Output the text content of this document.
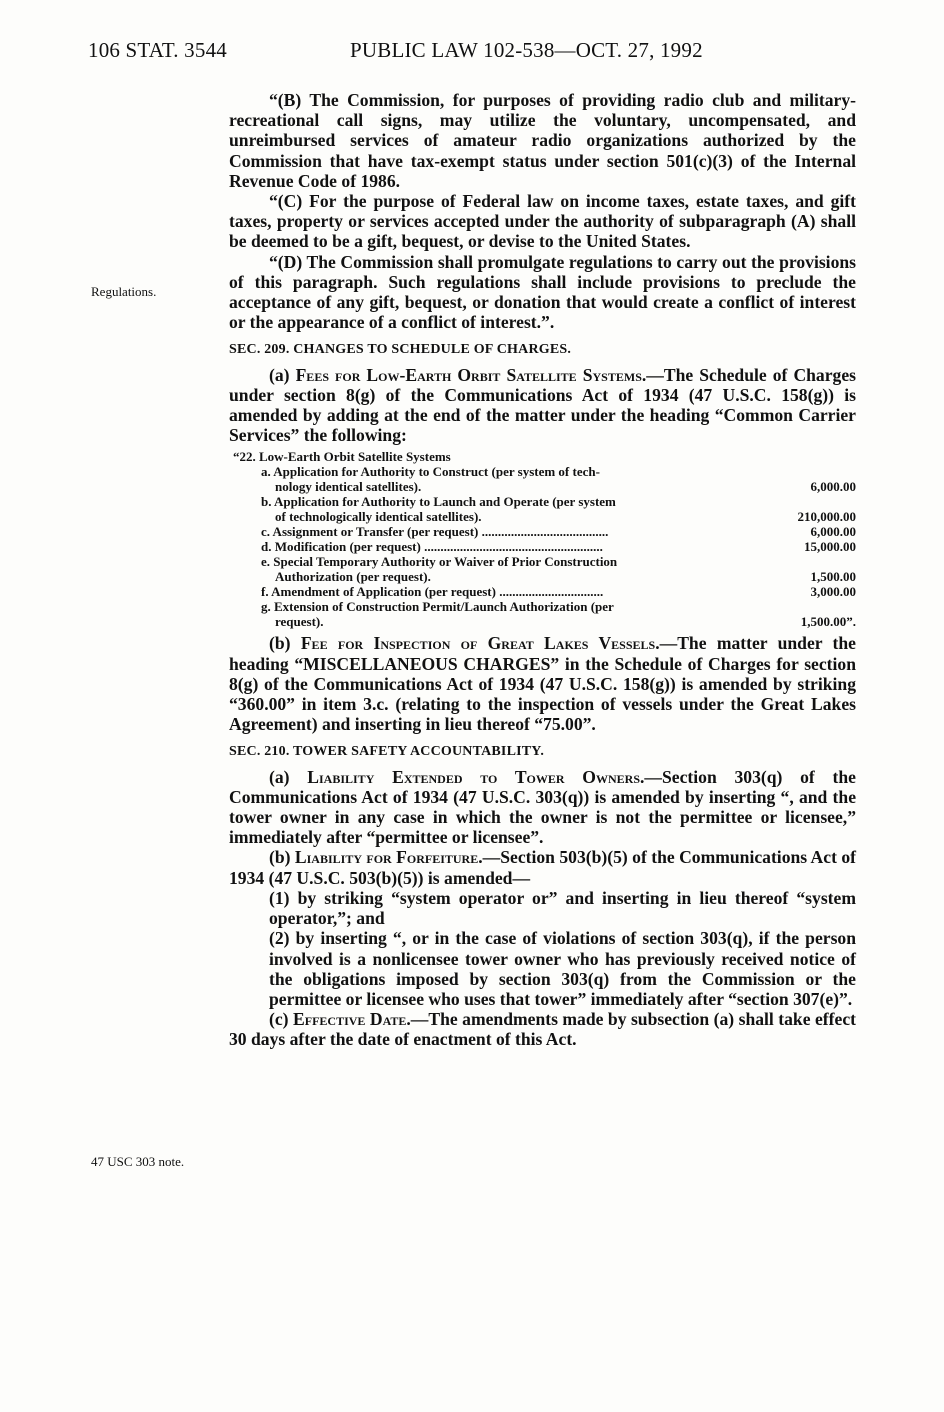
106 STAT. 3544	PUBLIC LAW 102-538—OCT. 27, 1992
Regulations.
47 USC 303 note.

“(B) The Commission, for purposes of providing radio club and military-recreational call signs, may utilize the voluntary, uncompensated, and unreimbursed services of amateur radio organizations authorized by the Commission that have tax-exempt status under section 501(c)(3) of the Internal Revenue Code of 1986.

“(C) For the purpose of Federal law on income taxes, estate taxes, and gift taxes, property or services accepted under the authority of subparagraph (A) shall be deemed to be a gift, bequest, or devise to the United States.

“(D) The Commission shall promulgate regulations to carry out the provisions of this paragraph. Such regulations shall include provisions to preclude the acceptance of any gift, bequest, or donation that would create a conflict of interest or the appearance of a conflict of interest.”.

SEC. 209. CHANGES TO SCHEDULE OF CHARGES.

(a) Fees for Low-Earth Orbit Satellite Systems.—The Schedule of Charges under section 8(g) of the Communications Act of 1934 (47 U.S.C. 158(g)) is amended by adding at the end of the matter under the heading “Common Carrier Services” the following:

“22. Low-Earth Orbit Satellite Systems
a. Application for Authority to Construct (per system of tech-
nology identical satellites).	6,000.00
b. Application for Authority to Launch and Operate (per system
of technologically identical satellites).	210,000.00
c. Assignment or Transfer (per request) .......................................	6,000.00
d. Modification (per request) .......................................................	15,000.00
e. Special Temporary Authority or Waiver of Prior Construction
Authorization (per request).	1,500.00
f. Amendment of Application (per request) ................................	3,000.00
g. Extension of Construction Permit/Launch Authorization (per
request).	1,500.00”.

(b) Fee for Inspection of Great Lakes Vessels.—The matter under the heading “MISCELLANEOUS CHARGES” in the Schedule of Charges for section 8(g) of the Communications Act of 1934 (47 U.S.C. 158(g)) is amended by striking “360.00” in item 3.c. (relating to the inspection of vessels under the Great Lakes Agreement) and inserting in lieu thereof “75.00”.

SEC. 210. TOWER SAFETY ACCOUNTABILITY.

(a) Liability Extended to Tower Owners.—Section 303(q) of the Communications Act of 1934 (47 U.S.C. 303(q)) is amended by inserting “, and the tower owner in any case in which the owner is not the permittee or licensee,” immediately after “permittee or licensee”.

(b) Liability for Forfeiture.—Section 503(b)(5) of the Communications Act of 1934 (47 U.S.C. 503(b)(5)) is amended—

(1) by striking “system operator or” and inserting in lieu thereof “system operator,”; and

(2) by inserting “, or in the case of violations of section 303(q), if the person involved is a nonlicensee tower owner who has previously received notice of the obligations imposed by section 303(q) from the Commission or the permittee or licensee who uses that tower” immediately after “section 307(e)”.

(c) Effective Date.—The amendments made by subsection (a) shall take effect 30 days after the date of enactment of this Act.
